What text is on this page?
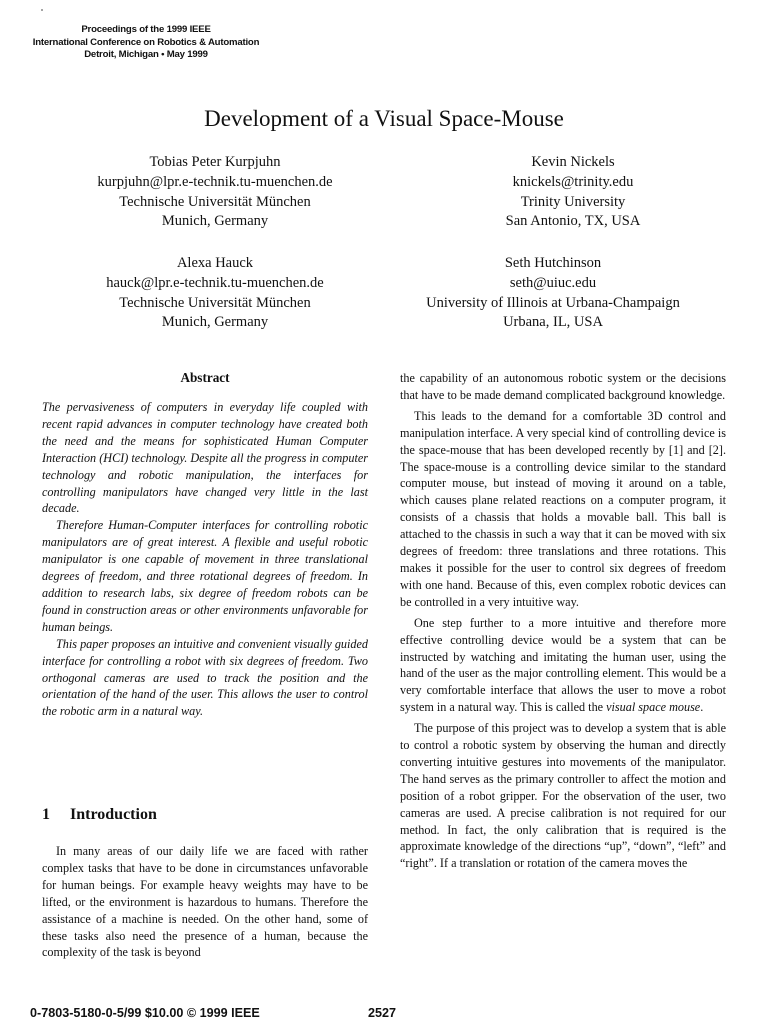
Proceedings of the 1999 IEEE
International Conference on Robotics & Automation
Detroit, Michigan • May 1999
Development of a Visual Space-Mouse
Tobias Peter Kurpjuhn
kurpjuhn@lpr.e-technik.tu-muenchen.de
Technische Universität München
Munich, Germany
Kevin Nickels
knickels@trinity.edu
Trinity University
San Antonio, TX, USA
Alexa Hauck
hauck@lpr.e-technik.tu-muenchen.de
Technische Universität München
Munich, Germany
Seth Hutchinson
seth@uiuc.edu
University of Illinois at Urbana-Champaign
Urbana, IL, USA
Abstract

The pervasiveness of computers in everyday life coupled with recent rapid advances in computer technology have created both the need and the means for sophisticated Human Computer Interaction (HCI) technology. Despite all the progress in computer technology and robotic manipulation, the interfaces for controlling manipulators have changed very little in the last decade.

Therefore Human-Computer interfaces for controlling robotic manipulators are of great interest. A flexible and useful robotic manipulator is one capable of movement in three translational degrees of freedom, and three rotational degrees of freedom. In addition to research labs, six degree of freedom robots can be found in construction areas or other environments unfavorable for human beings.

This paper proposes an intuitive and convenient visually guided interface for controlling a robot with six degrees of freedom. Two orthogonal cameras are used to track the position and the orientation of the hand of the user. This allows the user to control the robotic arm in a natural way.

1 Introduction

In many areas of our daily life we are faced with rather complex tasks that have to be done in circumstances unfavorable for human beings. For example heavy weights may have to be lifted, or the environment is hazardous to humans. Therefore the assistance of a machine is needed. On the other hand, some of these tasks also need the presence of a human, because the complexity of the task is beyond

the capability of an autonomous robotic system or the decisions that have to be made demand complicated background knowledge.

This leads to the demand for a comfortable 3D control and manipulation interface. A very special kind of controlling device is the space-mouse that has been developed recently by [1] and [2]. The space-mouse is a controlling device similar to the standard computer mouse, but instead of moving it around on a table, which causes plane related reactions on a computer program, it consists of a chassis that holds a movable ball. This ball is attached to the chassis in such a way that it can be moved with six degrees of freedom: three translations and three rotations. This makes it possible for the user to control six degrees of freedom with one hand. Because of this, even complex robotic devices can be controlled in a very intuitive way.

One step further to a more intuitive and therefore more effective controlling device would be a system that can be instructed by watching and imitating the human user, using the hand of the user as the major controlling element. This would be a very comfortable interface that allows the user to move a robot system in a natural way. This is called the visual space mouse.

The purpose of this project was to develop a system that is able to control a robotic system by observing the human and directly converting intuitive gestures into movements of the manipulator. The hand serves as the primary controller to affect the motion and position of a robot gripper. For the observation of the user, two cameras are used. A precise calibration is not required for our method. In fact, the only calibration that is required is the approximate knowledge of the directions “up”, “down”, “left” and “right”. If a translation or rotation of the camera moves the

0-7803-5180-0-5/99 $10.00 © 1999 IEEE	2527
